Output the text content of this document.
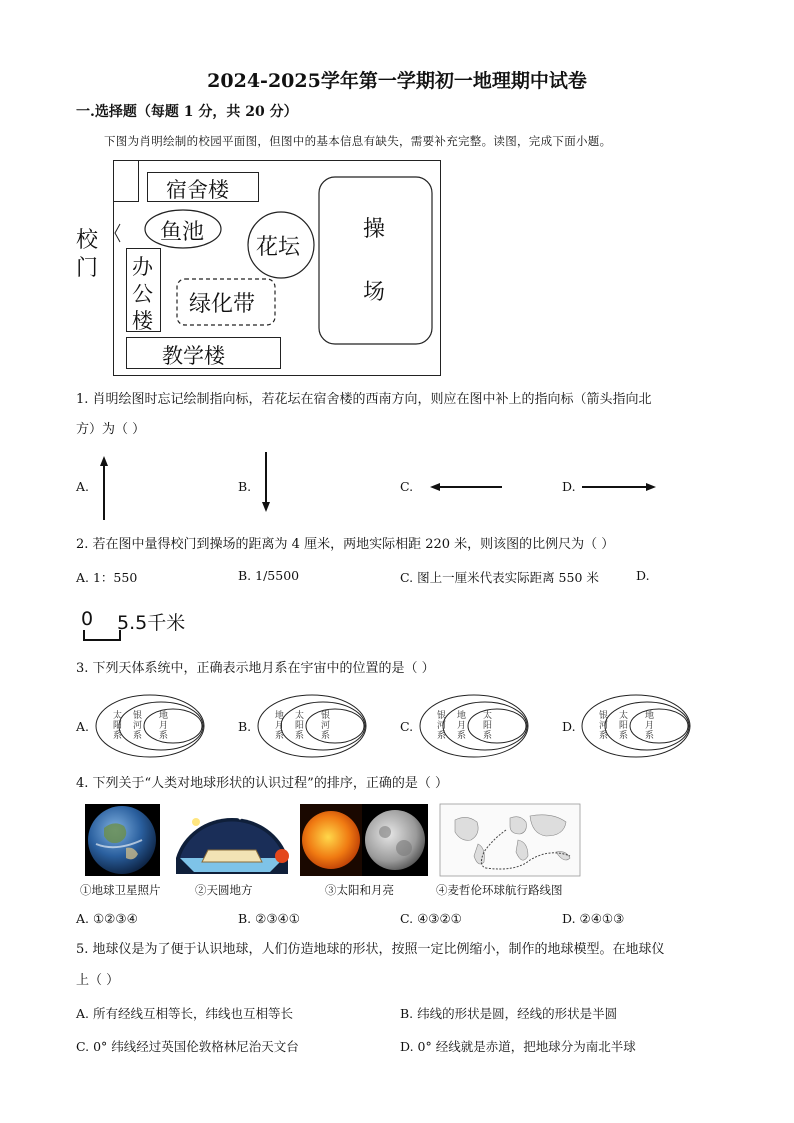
2024-2025学年第一学期初一地理期中试卷
一.选择题（每题 1 分，共 20 分）
下图为肖明绘制的校园平面图，但图中的基本信息有缺失，需要补充完整。读图，完成下面小题。
宿舍楼
鱼池
花坛
绿化带
办
公
楼
教学楼
校
门
操
场
1. 肖明绘图时忘记绘制指向标，若花坛在宿舍楼的西南方向，则应在图中补上的指向标（箭头指向北
方）为（ ）
A.	B.	C.	D.
2. 若在图中量得校门到操场的距离为 4 厘米，两地实际相距 220 米，则该图的比例尺为（ ）
A. 1：550	B. 1/5500	C. 图上一厘米代表实际距离 550 米	D.
0 5.5千米
3. 下列天体系统中，正确表示地月系在宇宙中的位置的是（ ）
A.	B.	C.	D.
太阳系
银河系
地月系
地月系
太阳系
银河系
银河系
地月系
太阳系
银河系
太阳系
地月系
4. 下列关于“人类对地球形状的认识过程”的排序，正确的是（ ）
①地球卫星照片	②天圆地方	③太阳和月亮	④麦哲伦环球航行路线图
A. ①②③④	B. ②③④①	C. ④③②①	D. ②④①③
5. 地球仪是为了便于认识地球，人们仿造地球的形状，按照一定比例缩小，制作的地球模型。在地球仪
上（ ）
A. 所有经线互相等长，纬线也互相等长	B. 纬线的形状是圆，经线的形状是半圆
C. 0° 纬线经过英国伦敦格林尼治天文台	D. 0° 经线就是赤道，把地球分为南北半球
